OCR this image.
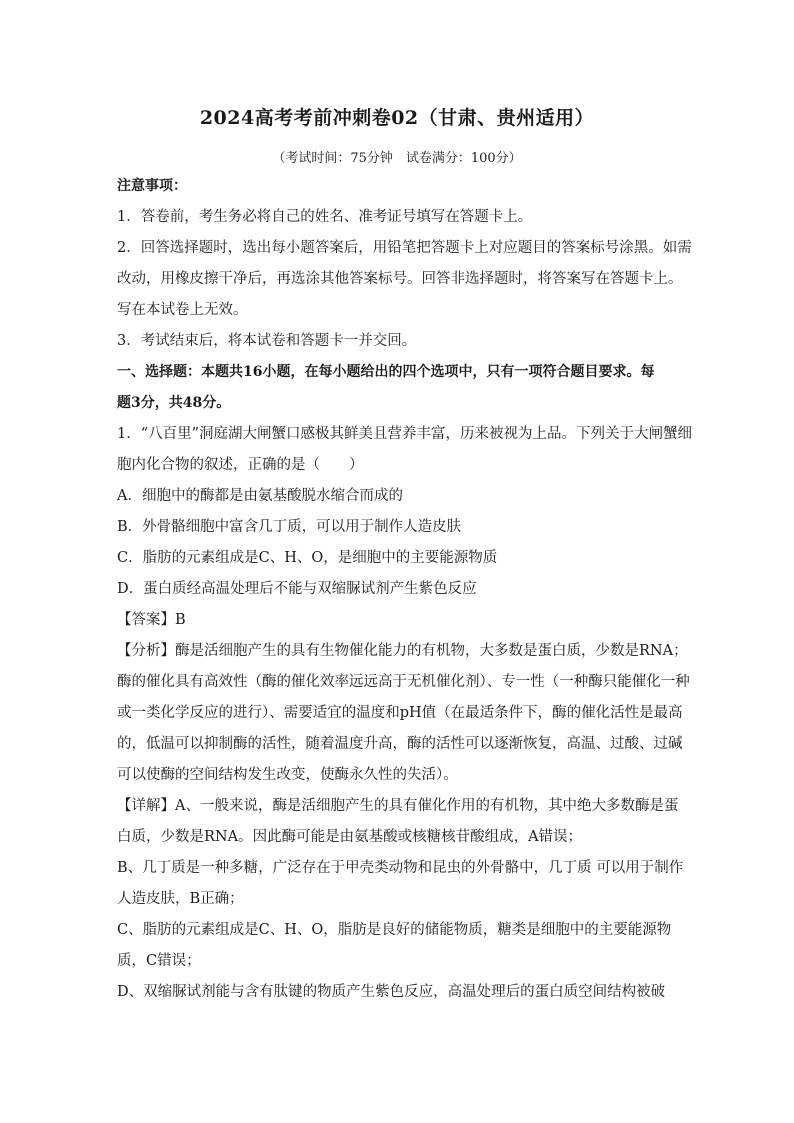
2024高考考前冲刺卷02（甘肃、贵州适用）
（考试时间：75分钟　试卷满分：100分）
注意事项：
1．答卷前，考生务必将自己的姓名、准考证号填写在答题卡上。
2．回答选择题时，选出每小题答案后，用铅笔把答题卡上对应题目的答案标号涂黑。如需
改动，用橡皮擦干净后，再选涂其他答案标号。回答非选择题时，将答案写在答题卡上。
写在本试卷上无效。
3．考试结束后，将本试卷和答题卡一并交回。
一、选择题：本题共16小题，在每小题给出的四个选项中，只有一项符合题目要求。每
题3分，共48分。
1．“八百里”洞庭湖大闸蟹口感极其鲜美且营养丰富，历来被视为上品。下列关于大闸蟹细
胞内化合物的叙述，正确的是（　　）
A．细胞中的酶都是由氨基酸脱水缩合而成的
B．外骨骼细胞中富含几丁质，可以用于制作人造皮肤
C．脂肪的元素组成是C、H、O，是细胞中的主要能源物质
D．蛋白质经高温处理后不能与双缩脲试剂产生紫色反应
【答案】B
【分析】酶是活细胞产生的具有生物催化能力的有机物，大多数是蛋白质，少数是RNA；
酶的催化具有高效性（酶的催化效率远远高于无机催化剂）、专一性（一种酶只能催化一种
或一类化学反应的进行）、需要适宜的温度和pH值（在最适条件下，酶的催化活性是最高
的，低温可以抑制酶的活性，随着温度升高，酶的活性可以逐渐恢复，高温、过酸、过碱
可以使酶的空间结构发生改变，使酶永久性的失活）。
【详解】A、一般来说，酶是活细胞产生的具有催化作用的有机物，其中绝大多数酶是蛋
白质，少数是RNA。因此酶可能是由氨基酸或核糖核苷酸组成，A错误；
B、几丁质是一种多糖，广泛存在于甲壳类动物和昆虫的外骨骼中，几丁质 可以用于制作
人造皮肤，B正确；
C、脂肪的元素组成是C、H、O，脂肪是良好的储能物质，糖类是细胞中的主要能源物
质，C错误；
D、双缩脲试剂能与含有肽键的物质产生紫色反应，高温处理后的蛋白质空间结构被破
